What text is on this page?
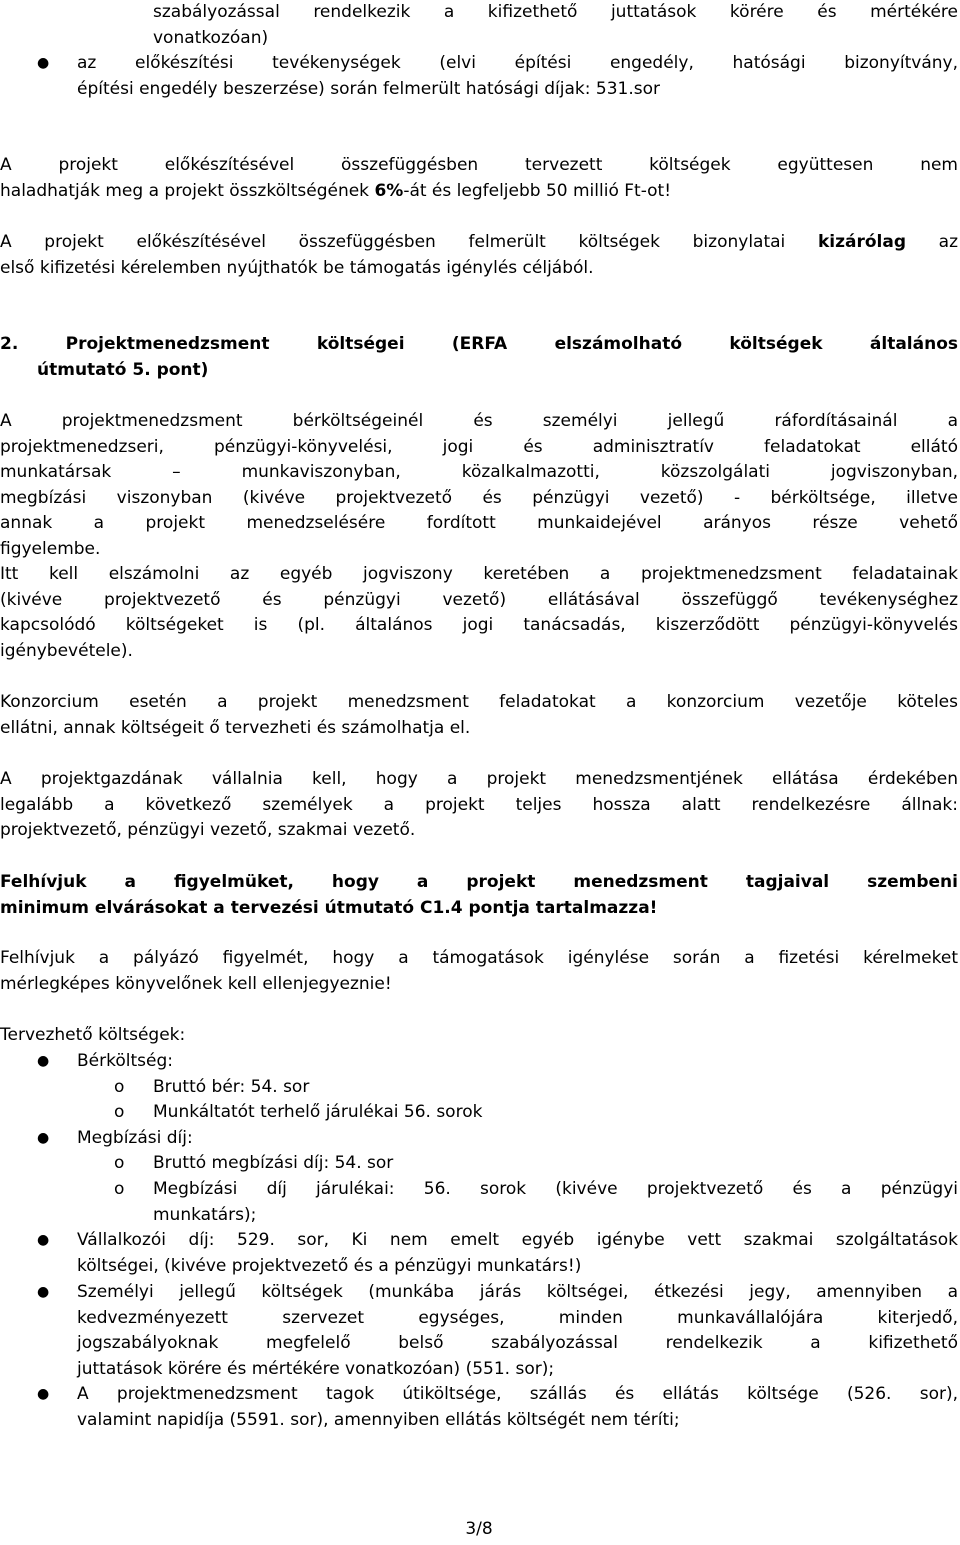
szabályozással rendelkezik a kifizethető juttatások körére és mértékére
vonatkozóan)
● az előkészítési tevékenységek (elvi építési engedély, hatósági bizonyítvány,
építési engedély beszerzése) során felmerült hatósági díjak: 531.sor
A projekt előkészítésével összefüggésben tervezett költségek együttesen nem
haladhatják meg a projekt összköltségének 6%-át és legfeljebb 50 millió Ft-ot!
A projekt előkészítésével összefüggésben felmerült költségek bizonylatai kizárólag az
első kifizetési kérelemben nyújthatók be támogatás igénylés céljából.
2. Projektmenedzsment költségei (ERFA elszámolható költségek általános
útmutató 5. pont)
A projektmenedzsment bérköltségeinél és személyi jellegű ráfordításainál a
projektmenedzseri, pénzügyi-könyvelési, jogi és adminisztratív feladatokat ellátó
munkatársak – munkaviszonyban, közalkalmazotti, közszolgálati jogviszonyban,
megbízási viszonyban (kivéve projektvezető és pénzügyi vezető) - bérköltsége, illetve
annak a projekt menedzselésére fordított munkaidejével arányos része vehető
figyelembe.
Itt kell elszámolni az egyéb jogviszony keretében a projektmenedzsment feladatainak
(kivéve projektvezető és pénzügyi vezető) ellátásával összefüggő tevékenységhez
kapcsolódó költségeket is (pl. általános jogi tanácsadás, kiszerződött pénzügyi-könyvelés
igénybevétele).
Konzorcium esetén a projekt menedzsment feladatokat a konzorcium vezetője köteles
ellátni, annak költségeit ő tervezheti és számolhatja el.
A projektgazdának vállalnia kell, hogy a projekt menedzsmentjének ellátása érdekében
legalább a következő személyek a projekt teljes hossza alatt rendelkezésre állnak:
projektvezető, pénzügyi vezető, szakmai vezető.
Felhívjuk a figyelmüket, hogy a projekt menedzsment tagjaival szembeni
minimum elvárásokat a tervezési útmutató C1.4 pontja tartalmazza!
Felhívjuk a pályázó figyelmét, hogy a támogatások igénylése során a fizetési kérelmeket
mérlegképes könyvelőnek kell ellenjegyeznie!
Tervezhető költségek:
● Bérköltség:
o Bruttó bér: 54. sor
o Munkáltatót terhelő járulékai 56. sorok
● Megbízási díj:
o Bruttó megbízási díj: 54. sor
o Megbízási díj járulékai: 56. sorok (kivéve projektvezető és a pénzügyi
munkatárs);
● Vállalkozói díj: 529. sor, Ki nem emelt egyéb igénybe vett szakmai szolgáltatások
költségei, (kivéve projektvezető és a pénzügyi munkatárs!)
● Személyi jellegű költségek (munkába járás költségei, étkezési jegy, amennyiben a
kedvezményezett szervezet egységes, minden munkavállalójára kiterjedő,
jogszabályoknak megfelelő belső szabályozással rendelkezik a kifizethető
juttatások körére és mértékére vonatkozóan) (551. sor);
● A projektmenedzsment tagok útiköltsége, szállás és ellátás költsége (526. sor),
valamint napidíja (5591. sor), amennyiben ellátás költségét nem téríti;
3/8
